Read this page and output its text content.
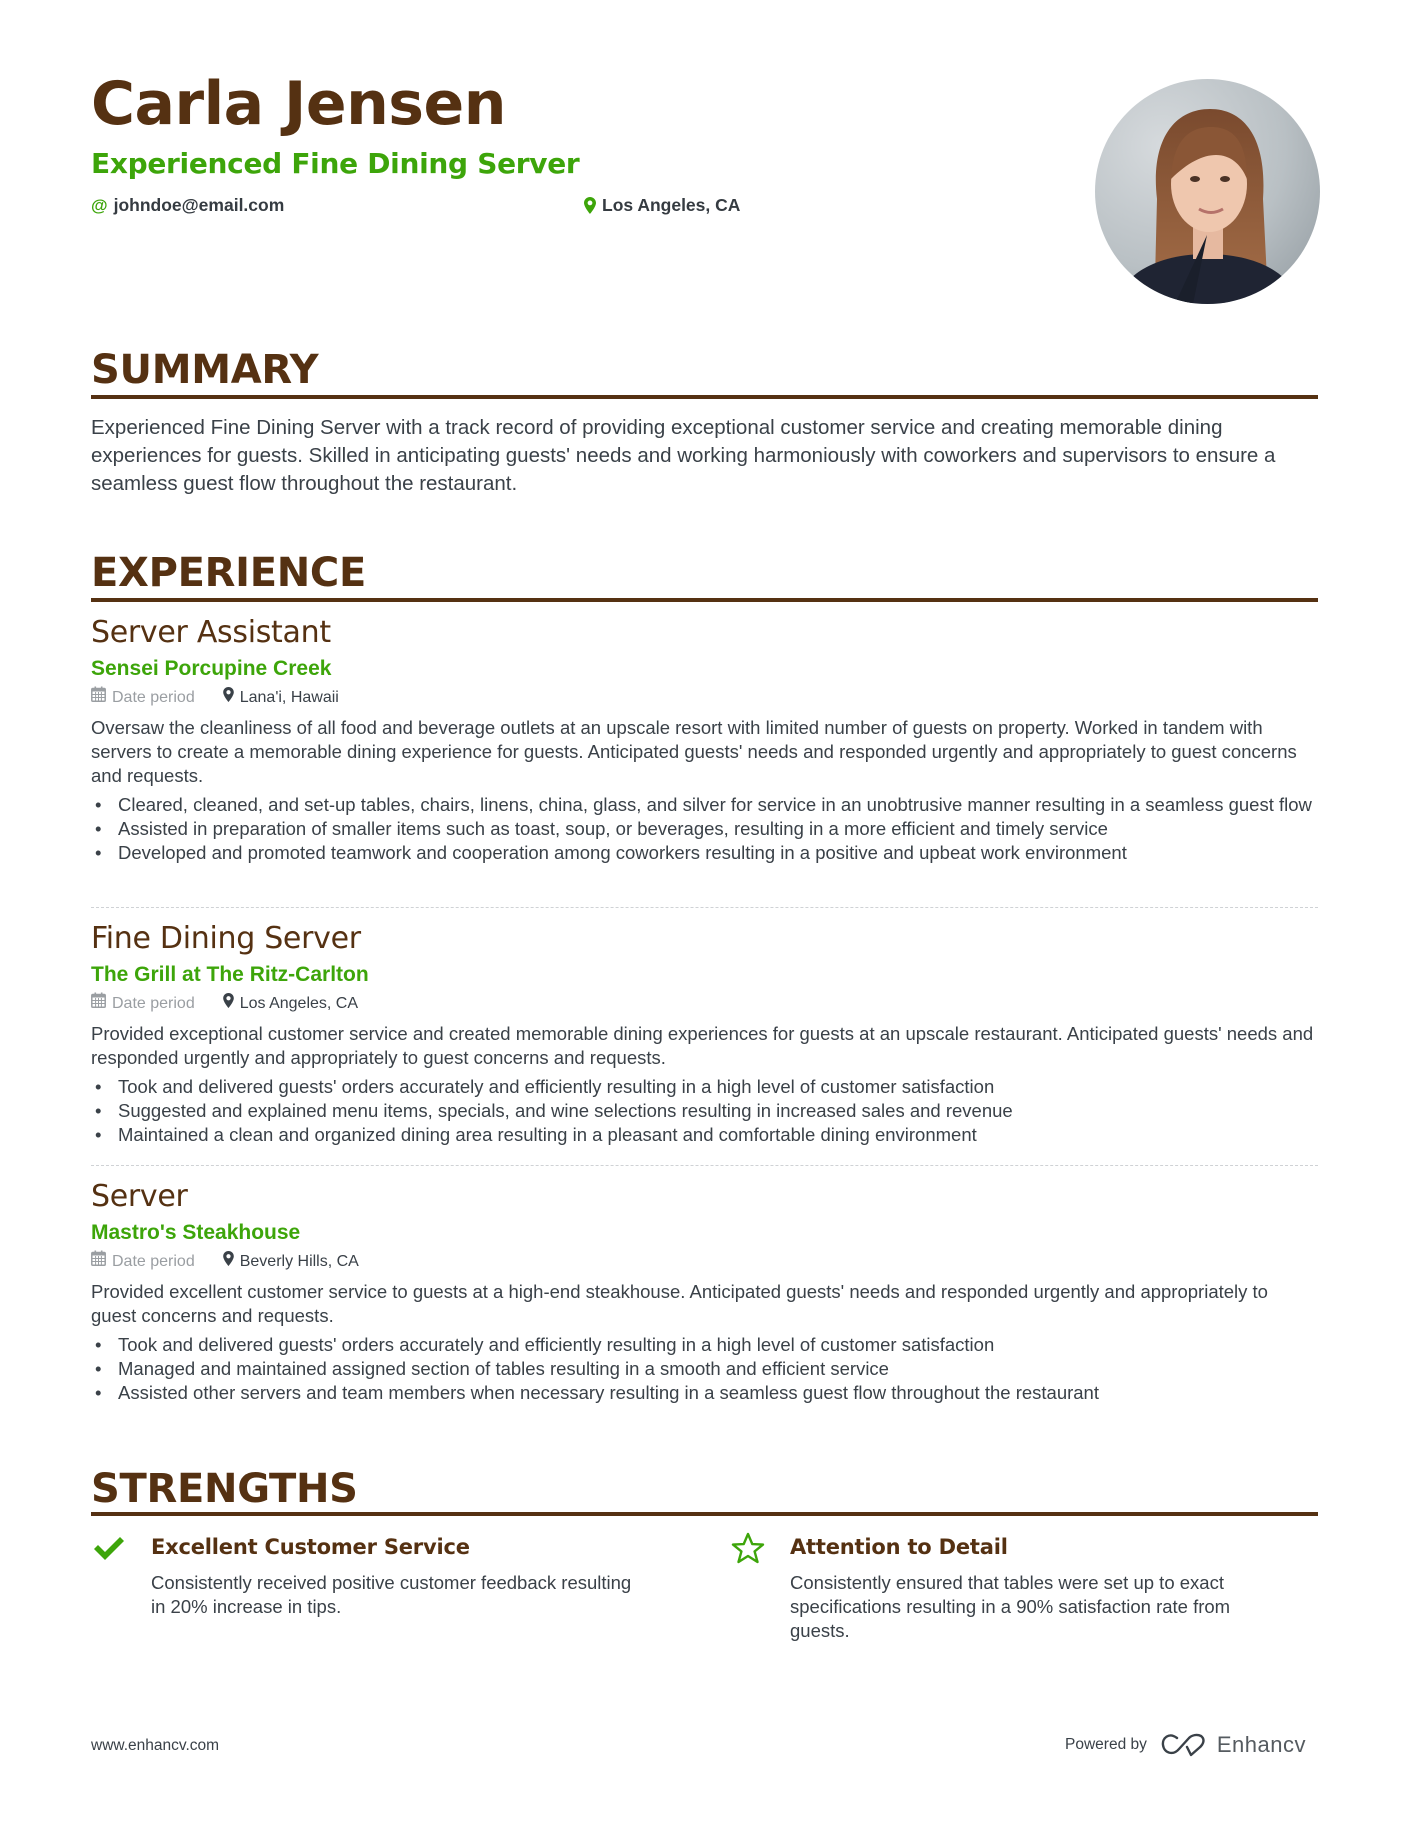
Carla Jensen
Experienced Fine Dining Server
@ johndoe@email.com	Los Angeles, CA
SUMMARY
Experienced Fine Dining Server with a track record of providing exceptional customer service and creating memorable dining experiences for guests. Skilled in anticipating guests' needs and working harmoniously with coworkers and supervisors to ensure a seamless guest flow throughout the restaurant.
EXPERIENCE
Server Assistant
Sensei Porcupine Creek
Date period	Lana'i, Hawaii
Oversaw the cleanliness of all food and beverage outlets at an upscale resort with limited number of guests on property. Worked in tandem with servers to create a memorable dining experience for guests. Anticipated guests' needs and responded urgently and appropriately to guest concerns and requests.
• Cleared, cleaned, and set-up tables, chairs, linens, china, glass, and silver for service in an unobtrusive manner resulting in a seamless guest flow
• Assisted in preparation of smaller items such as toast, soup, or beverages, resulting in a more efficient and timely service
• Developed and promoted teamwork and cooperation among coworkers resulting in a positive and upbeat work environment
Fine Dining Server
The Grill at The Ritz-Carlton
Date period	Los Angeles, CA
Provided exceptional customer service and created memorable dining experiences for guests at an upscale restaurant. Anticipated guests' needs and responded urgently and appropriately to guest concerns and requests.
• Took and delivered guests' orders accurately and efficiently resulting in a high level of customer satisfaction
• Suggested and explained menu items, specials, and wine selections resulting in increased sales and revenue
• Maintained a clean and organized dining area resulting in a pleasant and comfortable dining environment
Server
Mastro's Steakhouse
Date period	Beverly Hills, CA
Provided excellent customer service to guests at a high-end steakhouse. Anticipated guests' needs and responded urgently and appropriately to guest concerns and requests.
• Took and delivered guests' orders accurately and efficiently resulting in a high level of customer satisfaction
• Managed and maintained assigned section of tables resulting in a smooth and efficient service
• Assisted other servers and team members when necessary resulting in a seamless guest flow throughout the restaurant
STRENGTHS
Excellent Customer Service
Consistently received positive customer feedback resulting in 20% increase in tips.
Attention to Detail
Consistently ensured that tables were set up to exact specifications resulting in a 90% satisfaction rate from guests.
www.enhancv.com	Powered by	Enhancv
